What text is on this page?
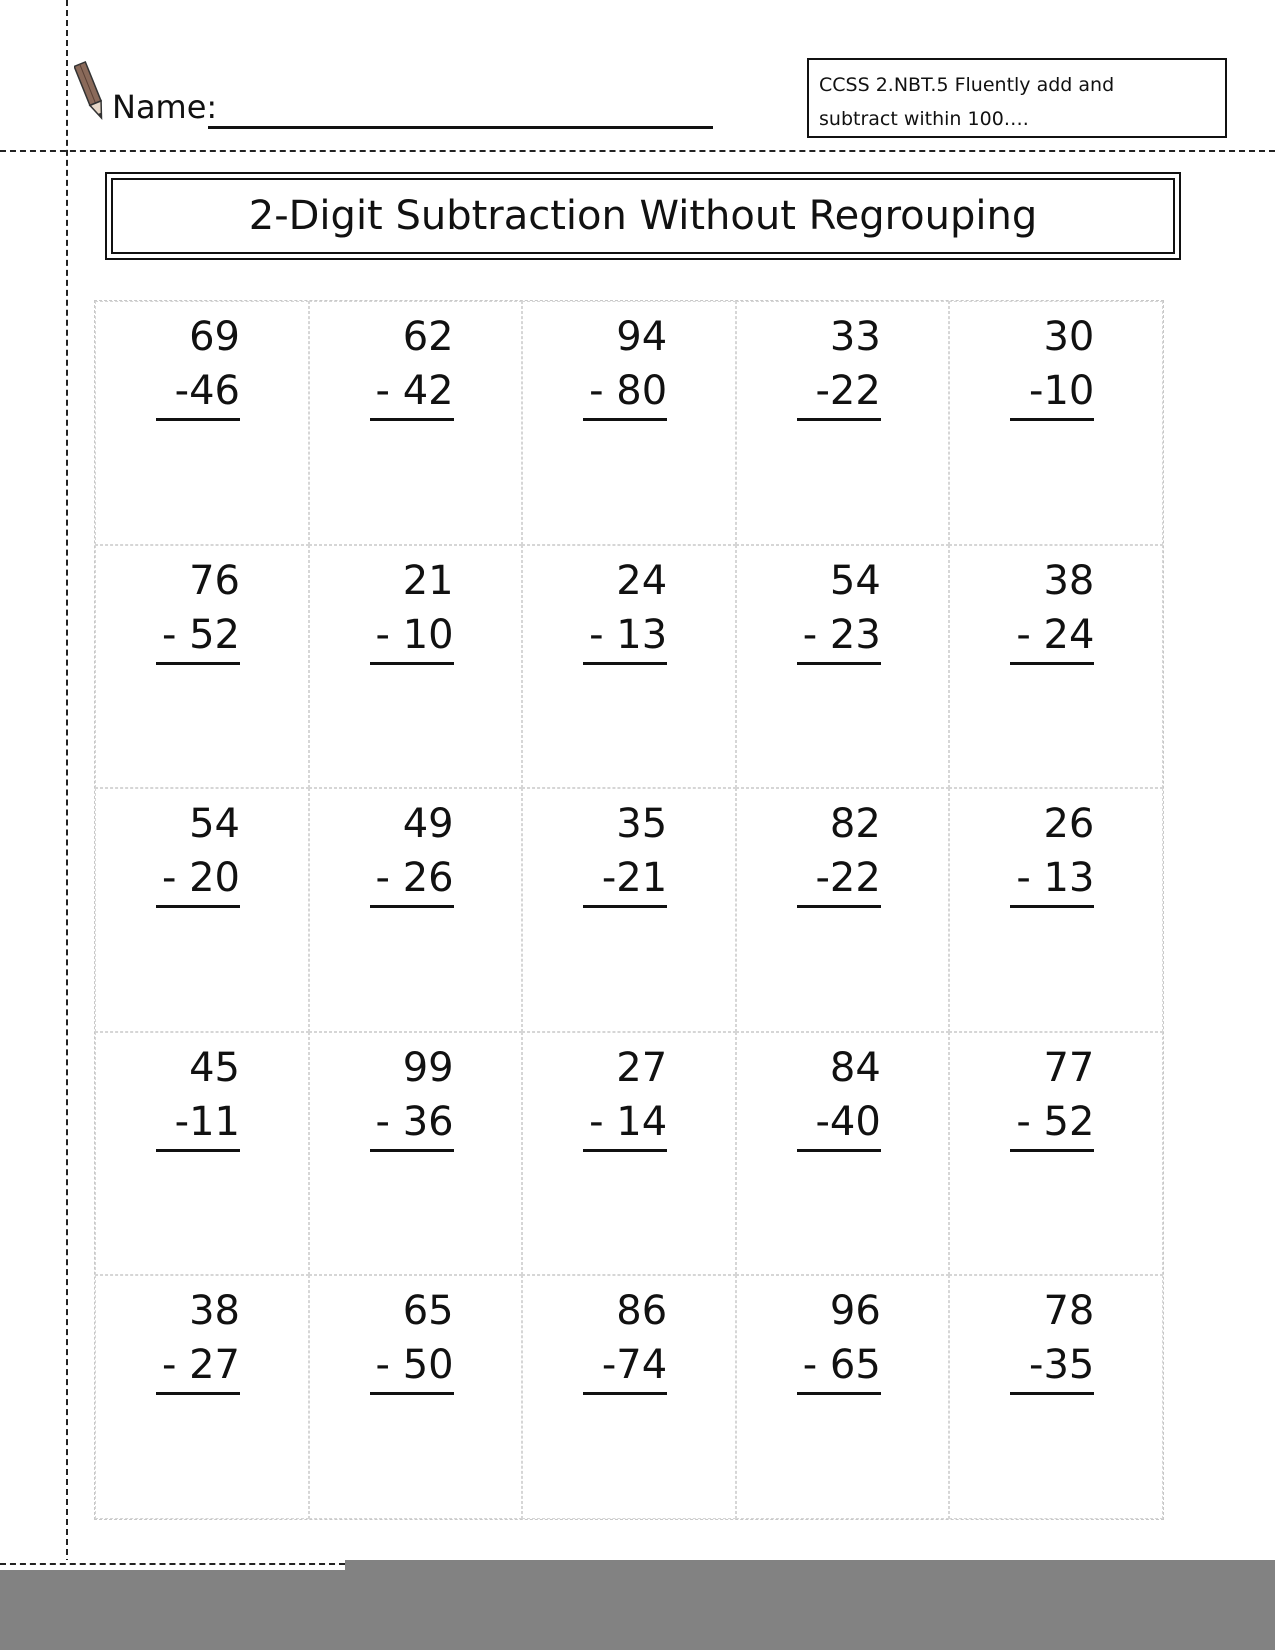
Name:
CCSS 2.NBT.5 Fluently add and
subtract within 100….
2-Digit Subtraction Without Regrouping
69
-46
62
- 42
94
- 80
33
-22
30
-10
76
- 52
21
- 10
24
- 13
54
- 23
38
- 24
54
- 20
49
- 26
35
-21
82
-22
26
- 13
45
-11
99
- 36
27
- 14
84
-40
77
- 52
38
- 27
65
- 50
86
-74
96
- 65
78
-35
